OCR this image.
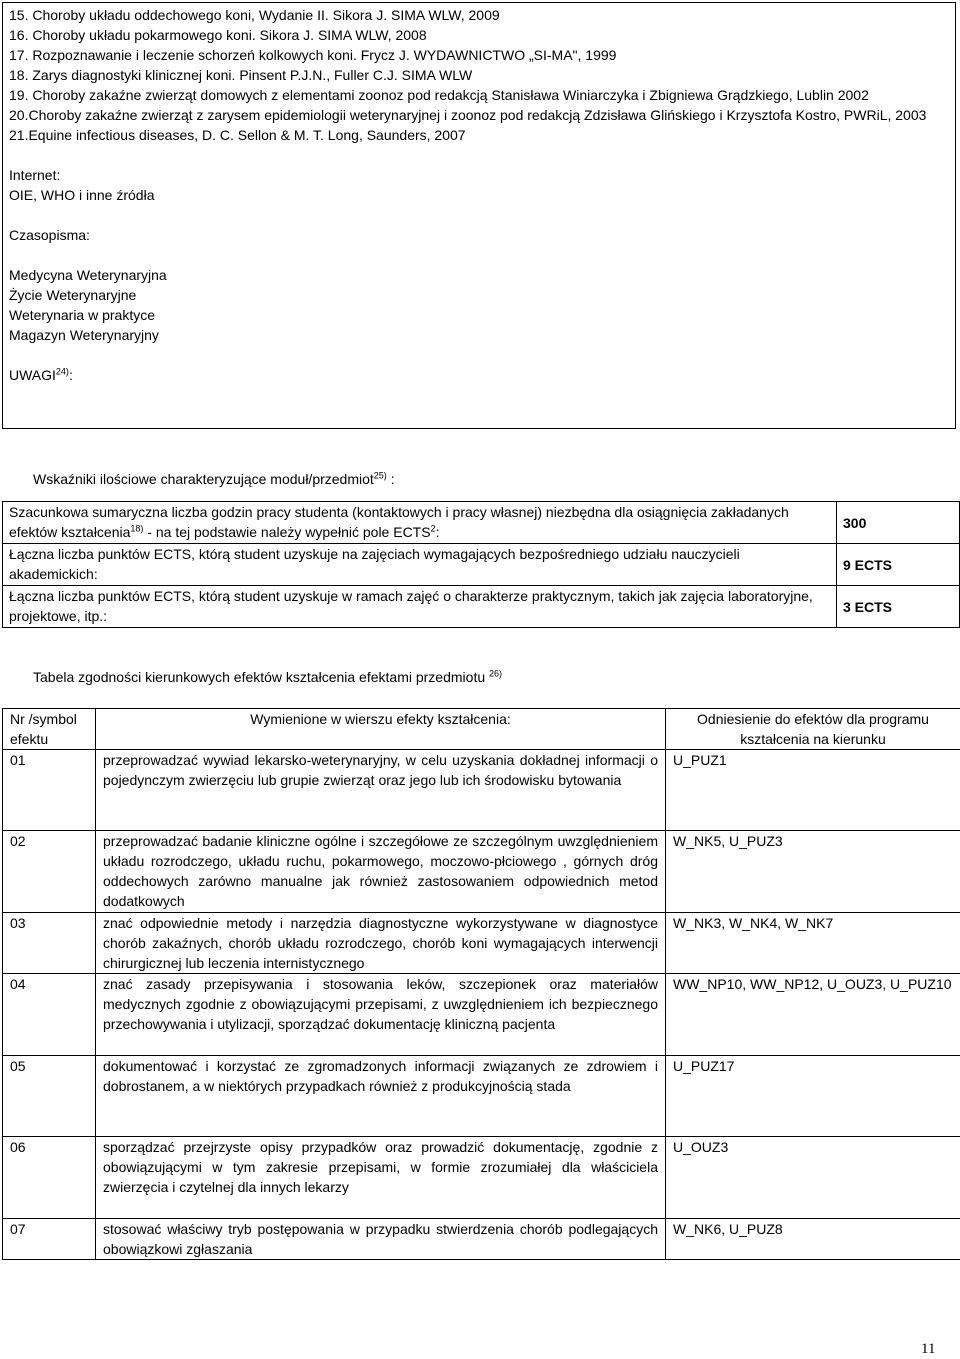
15. Choroby układu oddechowego koni, Wydanie II. Sikora J. SIMA WLW, 2009

16. Choroby układu pokarmowego koni. Sikora J. SIMA WLW, 2008

17. Rozpoznawanie i leczenie schorzeń kolkowych koni. Frycz J. WYDAWNICTWO „SI-MA", 1999

18. Zarys diagnostyki klinicznej koni. Pinsent P.J.N., Fuller C.J. SIMA WLW

19. Choroby zakaźne zwierząt domowych z elementami zoonoz pod redakcją Stanisława Winiarczyka i Zbigniewa Grądzkiego, Lublin 2002

20.Choroby zakaźne zwierząt z zarysem epidemiologii weterynaryjnej i zoonoz pod redakcją Zdzisława Glińskiego i Krzysztofa Kostro, PWRiL, 2003

21.Equine infectious diseases, D. C. Sellon & M. T. Long, Saunders, 2007

Internet:

OIE, WHO i inne źródła

Czasopisma:

Medycyna Weterynaryjna

Życie Weterynaryjne

Weterynaria w praktyce

Magazyn Weterynaryjny

UWAGI$^{24)}$:

Wskaźniki ilościowe charakteryzujące moduł/przedmiot$^{25)}$ :
Szacunkowa sumaryczna liczba godzin pracy studenta (kontaktowych i pracy własnej) niezbędna dla osiągnięcia zakładanych efektów kształcenia$^{18)}$ - na tej podstawie należy wypełnić pole ECTS$^2$:	300
Łączna liczba punktów ECTS, którą student uzyskuje na zajęciach wymagających bezpośredniego udziału nauczycieli akademickich:	9 ECTS
Łączna liczba punktów ECTS, którą student uzyskuje w ramach zajęć o charakterze praktycznym, takich jak zajęcia laboratoryjne, projektowe, itp.:	3 ECTS
Tabela zgodności kierunkowych efektów kształcenia efektami przedmiotu $^{26)}$
Nr /symbol efektu	Wymienione w wierszu efekty kształcenia:	Odniesienie do efektów dla programu kształcenia na kierunku
01	przeprowadzać wywiad lekarsko-weterynaryjny, w celu uzyskania dokładnej informacji o pojedynczym zwierzęciu lub grupie zwierząt oraz jego lub ich środowisku bytowania	U_PUZ1
02	przeprowadzać badanie kliniczne ogólne i szczegółowe ze szczególnym uwzględnieniem układu rozrodczego, układu ruchu, pokarmowego, moczowo-płciowego , górnych dróg oddechowych zarówno manualne jak również zastosowaniem odpowiednich metod dodatkowych	W_NK5, U_PUZ3
03	znać odpowiednie metody i narzędzia diagnostyczne wykorzystywane w diagnostyce chorób zakaźnych, chorób układu rozrodczego, chorób koni wymagających interwencji chirurgicznej lub leczenia internistycznego	W_NK3, W_NK4, W_NK7
04	znać zasady przepisywania i stosowania leków, szczepionek oraz materiałów medycznych zgodnie z obowiązującymi przepisami, z uwzględnieniem ich bezpiecznego przechowywania i utylizacji, sporządzać dokumentację kliniczną pacjenta	WW_NP10, WW_NP12, U_OUZ3, U_PUZ10
05	dokumentować i korzystać ze zgromadzonych informacji związanych ze zdrowiem i dobrostanem, a w niektórych przypadkach również z produkcyjnością stada	U_PUZ17
06	sporządzać przejrzyste opisy przypadków oraz prowadzić dokumentację, zgodnie z obowiązującymi w tym zakresie przepisami, w formie zrozumiałej dla właściciela zwierzęcia i czytelnej dla innych lekarzy	U_OUZ3
07	stosować właściwy tryb postępowania w przypadku stwierdzenia chorób podlegających obowiązkowi zgłaszania	W_NK6, U_PUZ8
11
